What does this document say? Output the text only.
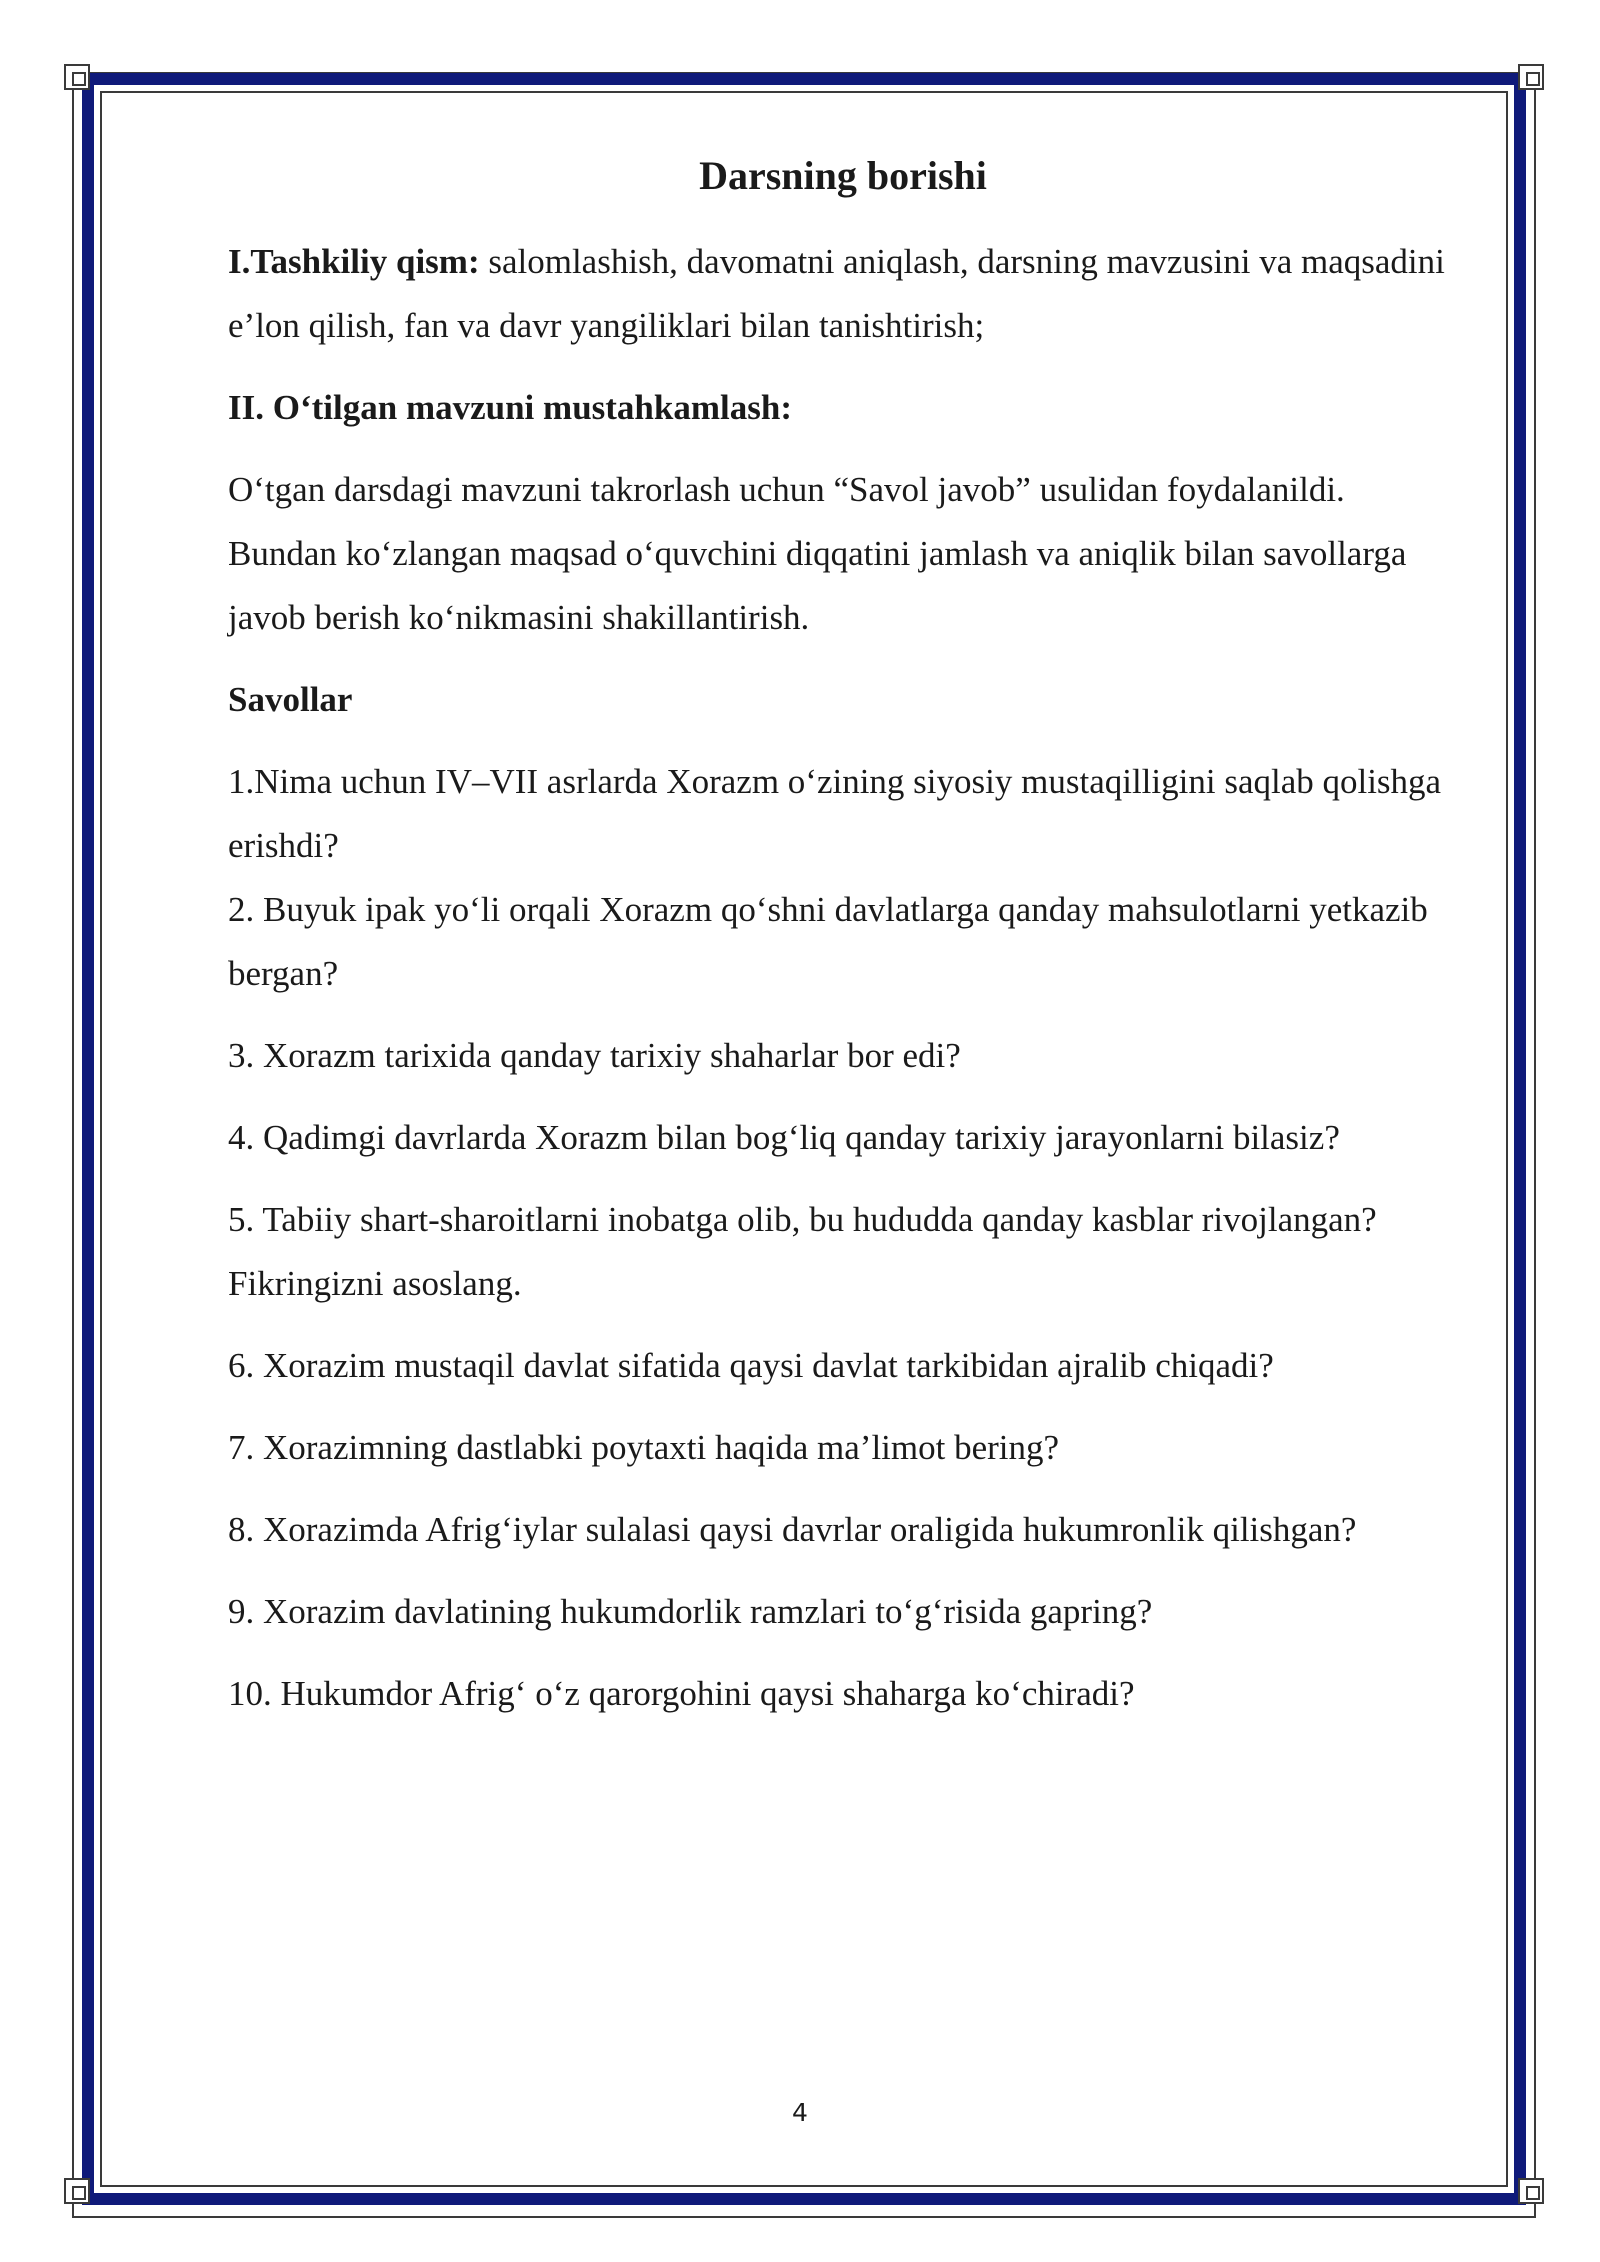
Darsning borishi

I.Tashkiliy qism: salomlashish, davomatni aniqlash, darsning mavzusini va maqsadini e’lon qilish, fan va davr yangiliklari bilan tanishtirish;

II. O‘tilgan mavzuni mustahkamlash:

O‘tgan darsdagi mavzuni takrorlash uchun “Savol javob” usulidan foydalanildi. Bundan ko‘zlangan maqsad o‘quvchini diqqatini jamlash va aniqlik bilan savollarga javob berish ko‘nikmasini shakillantirish.

Savollar

1.Nima uchun IV–VII asrlarda Xorazm o‘zining siyosiy mustaqilligini saqlab qolishga erishdi?

2. Buyuk ipak yo‘li orqali Xorazm qo‘shni davlatlarga qanday mahsulotlarni yetkazib bergan?

3. Xorazm tarixida qanday tarixiy shaharlar bor edi?

4. Qadimgi davrlarda Xorazm bilan bog‘liq qanday tarixiy jarayonlarni bilasiz?

5. Tabiiy shart-sharoitlarni inobatga olib, bu hududda qanday kasblar rivojlangan? Fikringizni asoslang.

6. Xorazim mustaqil davlat sifatida qaysi davlat tarkibidan ajralib chiqadi?

7. Xorazimning dastlabki poytaxti haqida ma’limot bering?

8. Xorazimda Afrig‘iylar sulalasi qaysi davrlar oraligida hukumronlik qilishgan?

9. Xorazim davlatining hukumdorlik ramzlari to‘g‘risida gapring?

10. Hukumdor Afrig‘ o‘z qarorgohini qaysi shaharga ko‘chiradi?

4
